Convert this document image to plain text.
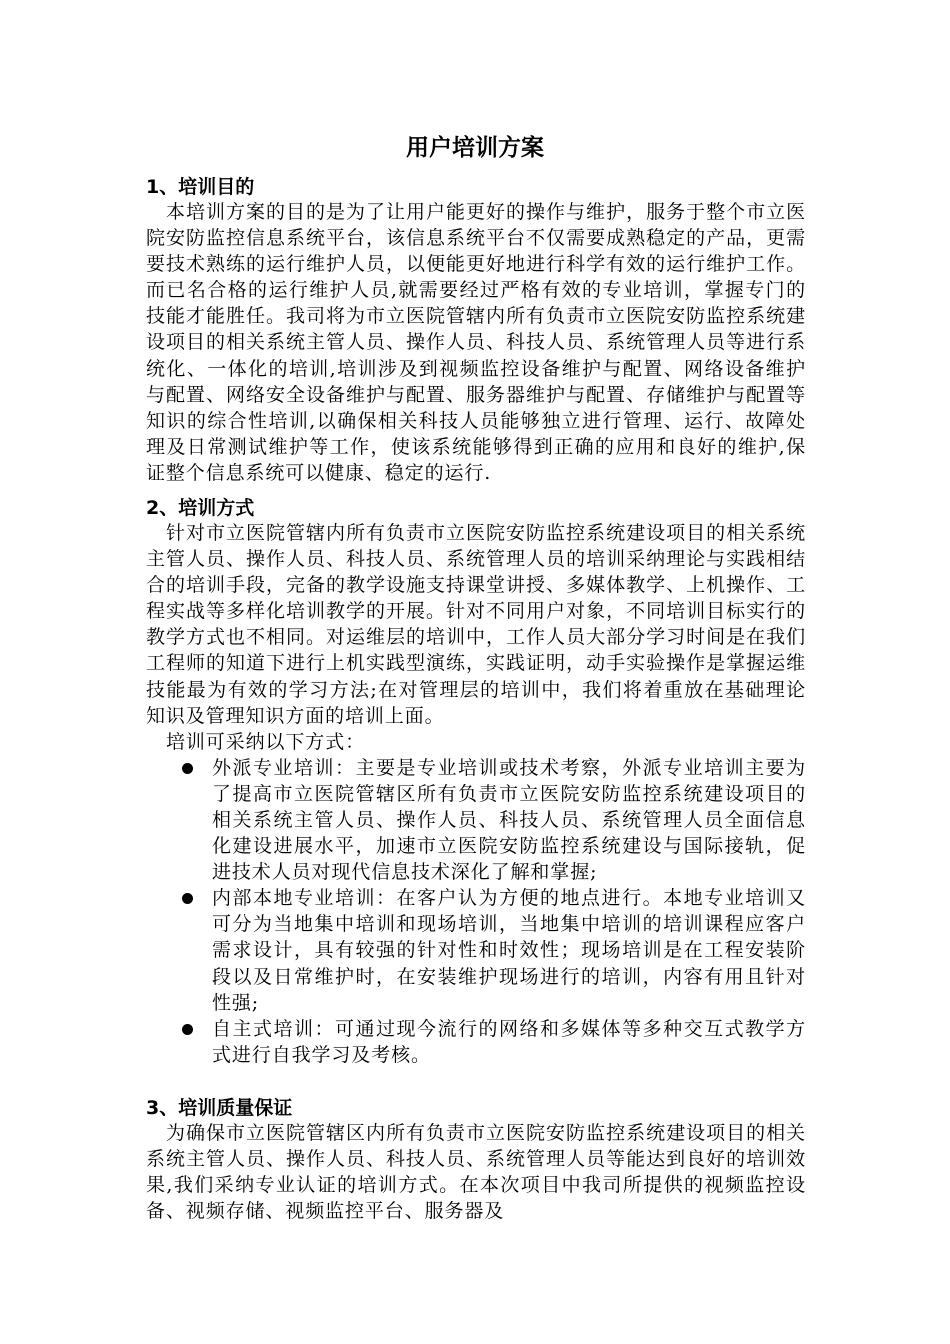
用户培训方案
1、培训目的

本培训方案的目的是为了让用户能更好的操作与维护，服务于整个市立医院安防监控信息系统平台，该信息系统平台不仅需要成熟稳定的产品，更需要技术熟练的运行维护人员，以便能更好地进行科学有效的运行维护工作。而已名合格的运行维护人员,就需要经过严格有效的专业培训，掌握专门的技能才能胜任。我司将为市立医院管辖内所有负责市立医院安防监控系统建设项目的相关系统主管人员、操作人员、科技人员、系统管理人员等进行系统化、一体化的培训,培训涉及到视频监控设备维护与配置、网络设备维护与配置、网络安全设备维护与配置、服务器维护与配置、存储维护与配置等知识的综合性培训,以确保相关科技人员能够独立进行管理、运行、故障处理及日常测试维护等工作，使该系统能够得到正确的应用和良好的维护,保证整个信息系统可以健康、稳定的运行.

2、培训方式

针对市立医院管辖内所有负责市立医院安防监控系统建设项目的相关系统主管人员、操作人员、科技人员、系统管理人员的培训采纳理论与实践相结合的培训手段，完备的教学设施支持课堂讲授、多媒体教学、上机操作、工程实战等多样化培训教学的开展。针对不同用户对象，不同培训目标实行的教学方式也不相同。对运维层的培训中，工作人员大部分学习时间是在我们工程师的知道下进行上机实践型演练，实践证明，动手实验操作是掌握运维技能最为有效的学习方法;在对管理层的培训中，我们将着重放在基础理论知识及管理知识方面的培训上面。

培训可采纳以下方式：
外派专业培训：主要是专业培训或技术考察，外派专业培训主要为了提高市立医院管辖区所有负责市立医院安防监控系统建设项目的相关系统主管人员、操作人员、科技人员、系统管理人员全面信息化建设进展水平，加速市立医院安防监控系统建设与国际接轨，促进技术人员对现代信息技术深化了解和掌握;
内部本地专业培训：在客户认为方便的地点进行。本地专业培训又可分为当地集中培训和现场培训，当地集中培训的培训课程应客户需求设计，具有较强的针对性和时效性；现场培训是在工程安装阶段以及日常维护时，在安装维护现场进行的培训，内容有用且针对性强;
自主式培训：可通过现今流行的网络和多媒体等多种交互式教学方式进行自我学习及考核。
3、培训质量保证

为确保市立医院管辖区内所有负责市立医院安防监控系统建设项目的相关系统主管人员、操作人员、科技人员、系统管理人员等能达到良好的培训效果,我们采纳专业认证的培训方式。在本次项目中我司所提供的视频监控设备、视频存储、视频监控平台、服务器及
